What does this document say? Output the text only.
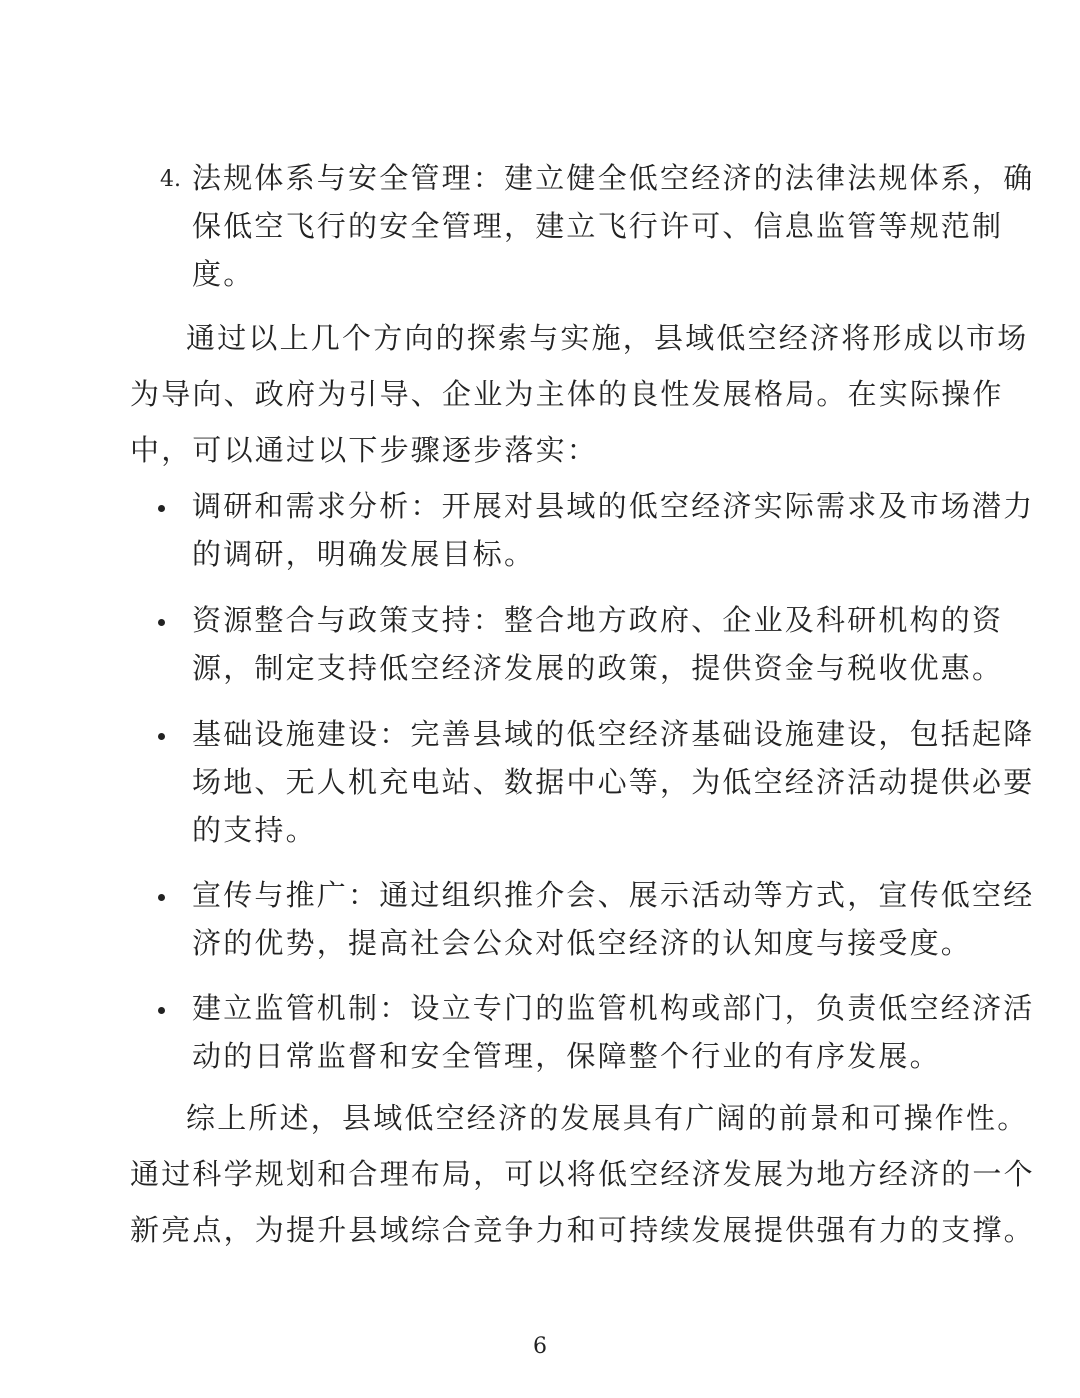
4. 法规体系与安全管理：建立健全低空经济的法律法规体系，确
保低空飞行的安全管理，建立飞行许可、信息监管等规范制
度。
通过以上几个方向的探索与实施，县域低空经济将形成以市场
为导向、政府为引导、企业为主体的良性发展格局。在实际操作
中，可以通过以下步骤逐步落实：
调研和需求分析：开展对县域的低空经济实际需求及市场潜力
的调研，明确发展目标。
资源整合与政策支持：整合地方政府、企业及科研机构的资
源，制定支持低空经济发展的政策，提供资金与税收优惠。
基础设施建设：完善县域的低空经济基础设施建设，包括起降
场地、无人机充电站、数据中心等，为低空经济活动提供必要
的支持。
宣传与推广：通过组织推介会、展示活动等方式，宣传低空经
济的优势，提高社会公众对低空经济的认知度与接受度。
建立监管机制：设立专门的监管机构或部门，负责低空经济活
动的日常监督和安全管理，保障整个行业的有序发展。
综上所述，县域低空经济的发展具有广阔的前景和可操作性。
通过科学规划和合理布局，可以将低空经济发展为地方经济的一个
新亮点，为提升县域综合竞争力和可持续发展提供强有力的支撑。
6
